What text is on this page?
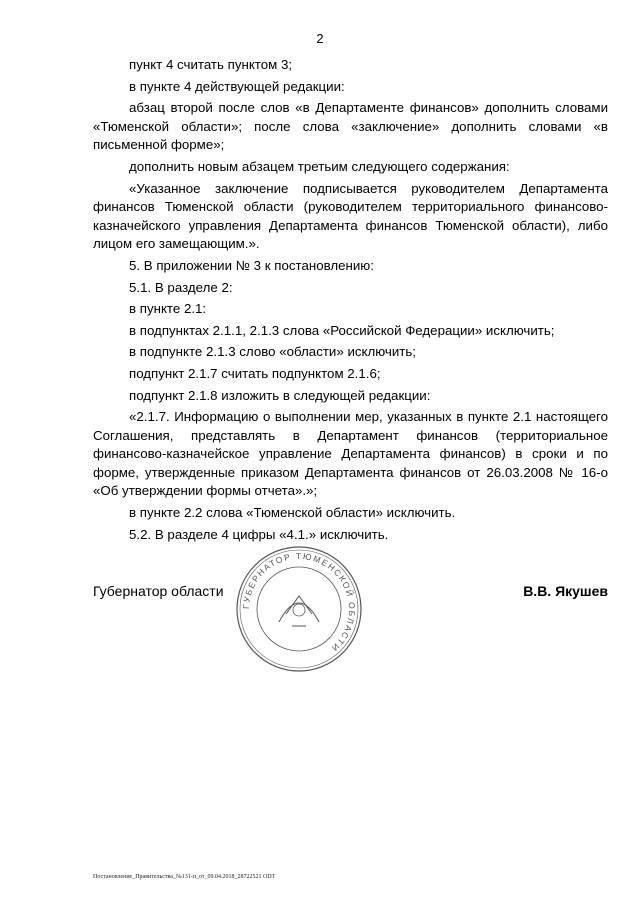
2

пункт 4 считать пунктом 3;

в пункте 4 действующей редакции:

абзац второй после слов «в Департаменте финансов» дополнить словами «Тюменской области»; после слова «заключение» дополнить словами «в письменной форме»;

дополнить новым абзацем третьим следующего содержания:

«Указанное заключение подписывается руководителем Департамента финансов Тюменской области (руководителем территориального финансово-казначейского управления Департамента финансов Тюменской области), либо лицом его замещающим.».

5. В приложении № 3 к постановлению:

5.1. В разделе 2:

в пункте 2.1:

в подпунктах 2.1.1, 2.1.3 слова «Российской Федерации» исключить;

в подпункте 2.1.3 слово «области» исключить;

подпункт 2.1.7 считать подпунктом 2.1.6;

подпункт 2.1.8 изложить в следующей редакции:

«2.1.7. Информацию о выполнении мер, указанных в пункте 2.1 настоящего Соглашения, представлять в Департамент финансов (территориальное финансово-казначейское управление Департамента финансов) в сроки и по форме, утвержденные приказом Департамента финансов от 26.03.2008 № 16-о «Об утверждении формы отчета».»;

в пункте 2.2 слова «Тюменской области» исключить.

5.2. В разделе 4 цифры «4.1.» исключить.

Губернатор области	В.В. Якушев
ГУБЕРНАТОР ТЮМЕНСКОЙ ОБЛАСТИ
Постановление_Правительства_№131-п_от_09.04.2018_28722521 ODT
